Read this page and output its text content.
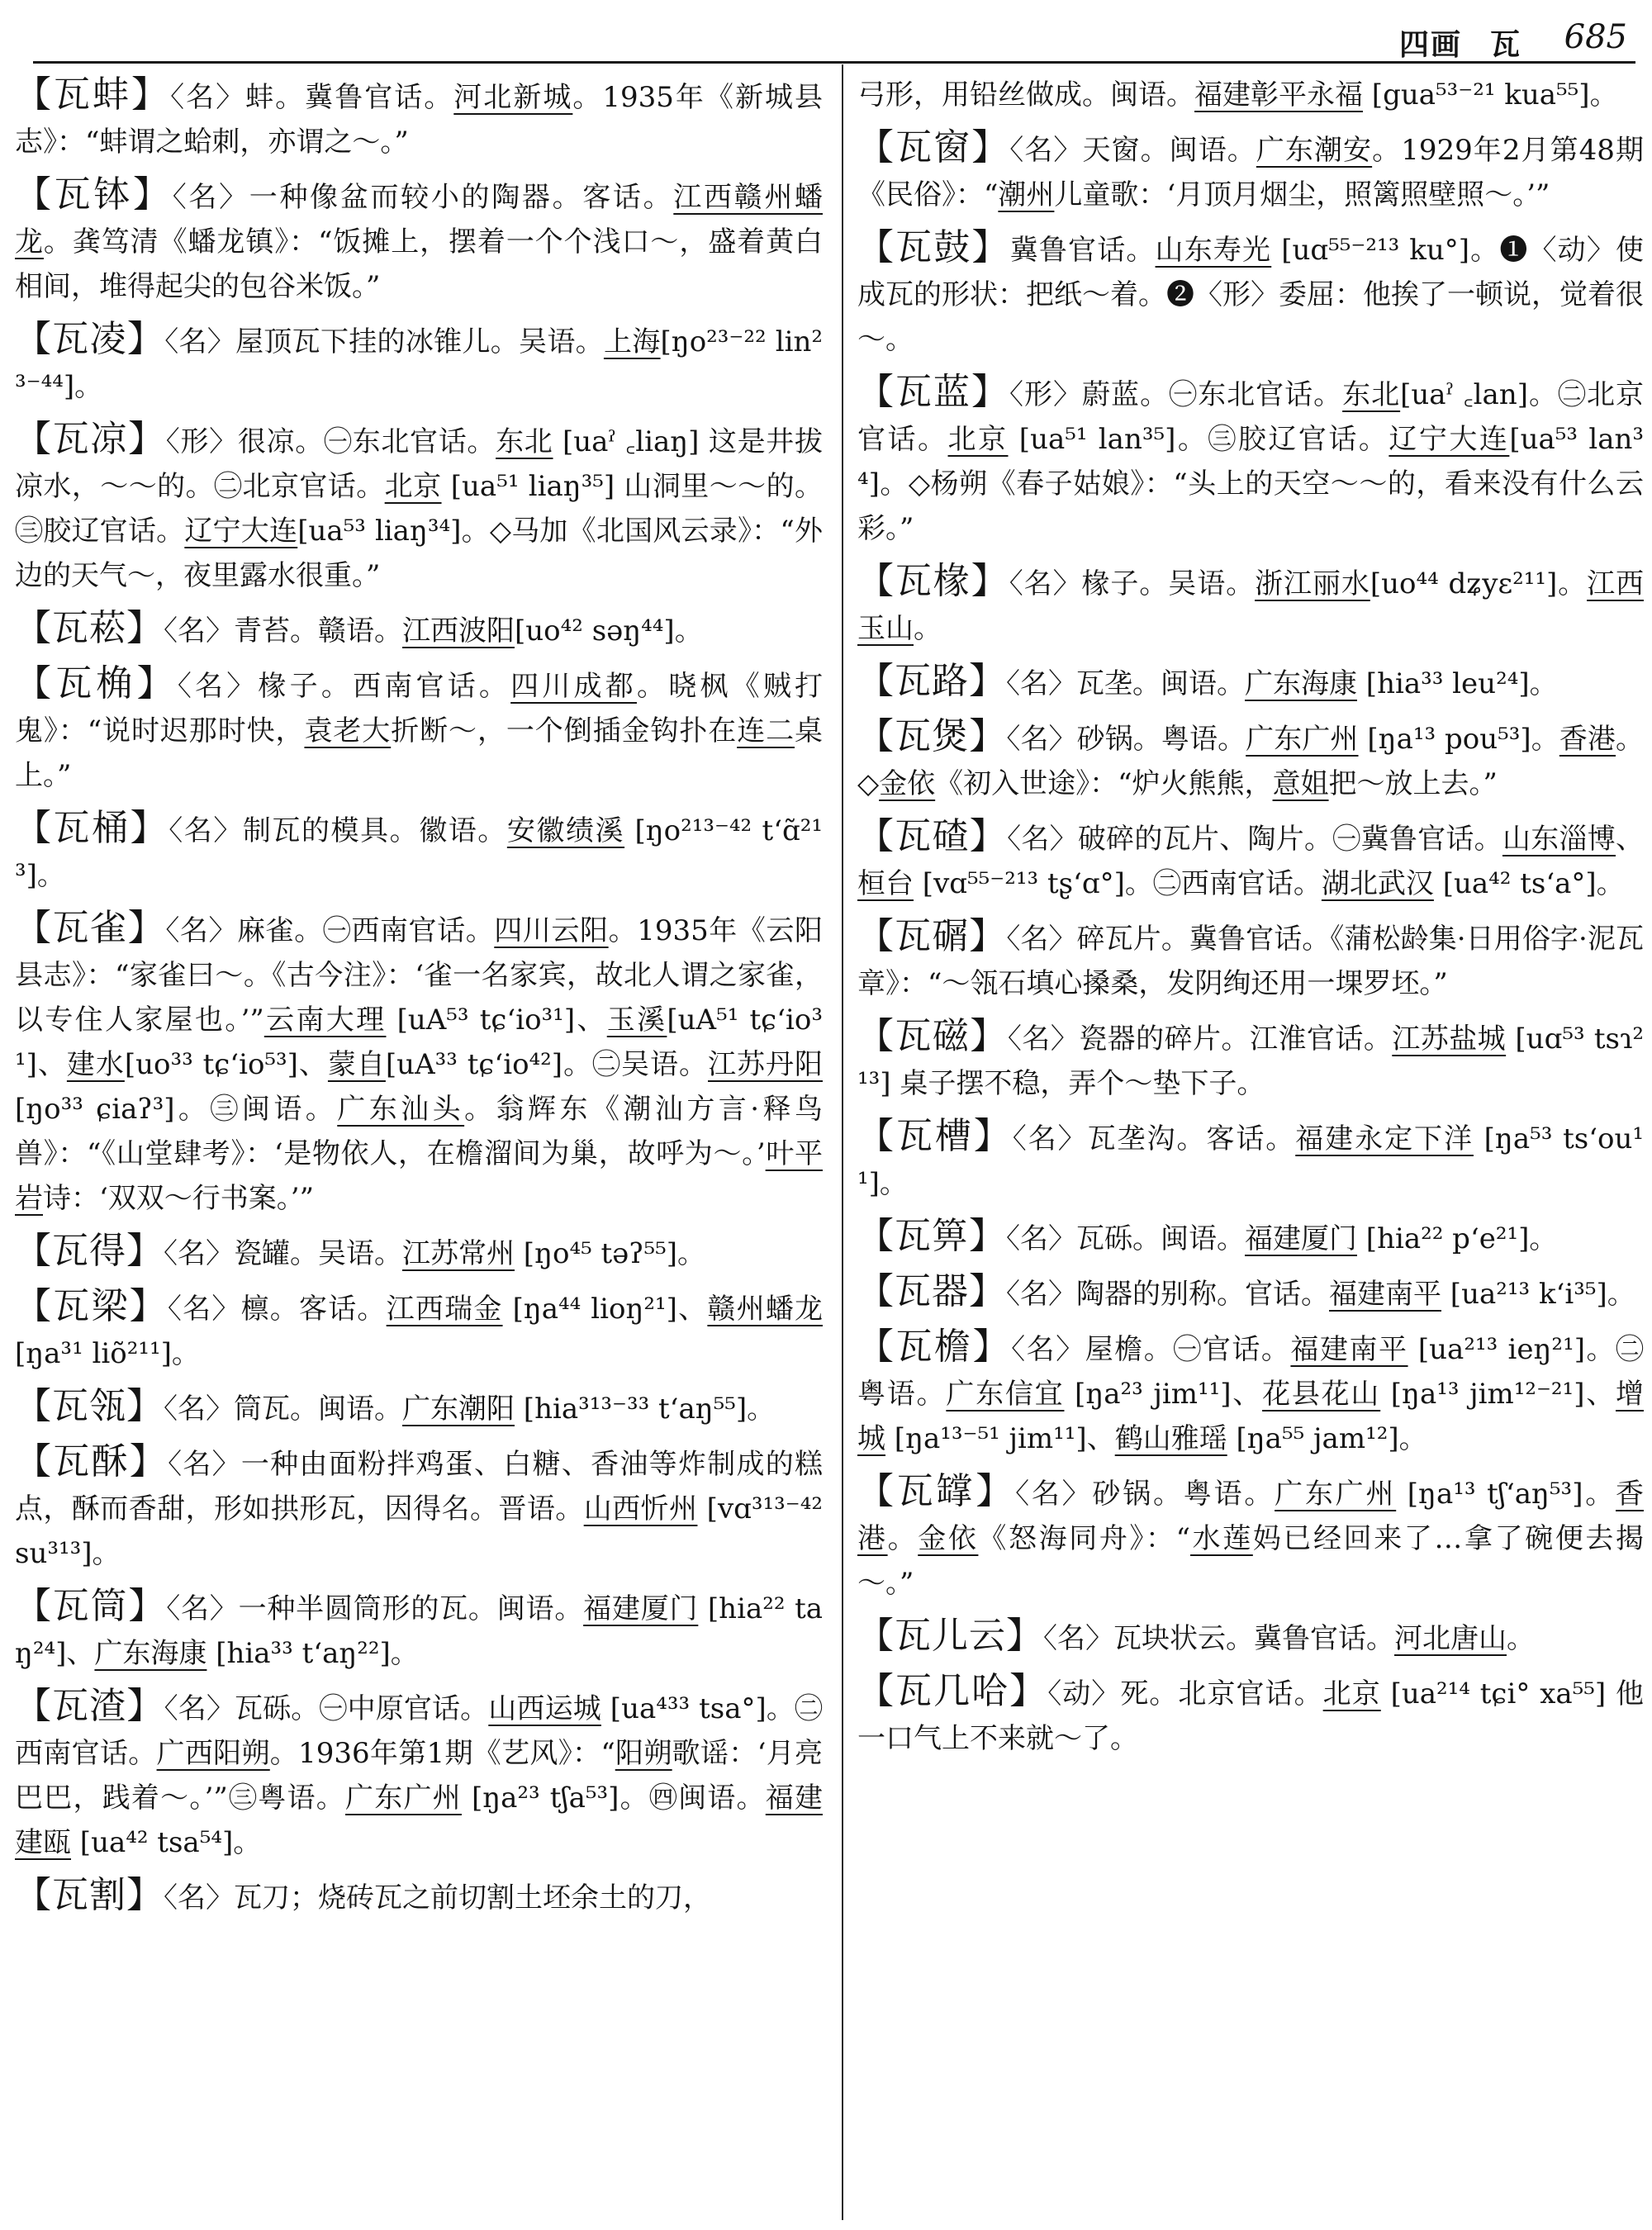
四画 瓦 685

【瓦蚌】〈名〉蚌。冀鲁官话。河北新城。1935年《新城县志》：“蚌谓之蛤刺，亦谓之～。”

【瓦钵】〈名〉一种像盆而较小的陶器。客话。江西赣州蟠龙。龚笃清《蟠龙镇》：“饭摊上，摆着一个个浅口～，盛着黄白相间，堆得起尖的包谷米饭。”

【瓦凌】〈名〉屋顶瓦下挂的冰锥儿。吴语。上海[ŋo²³⁻²² lin²³⁻⁴⁴]。

【瓦凉】〈形〉很凉。㊀东北官话。东北 [uaˀ ꜀liaŋ] 这是井拔凉水，～～的。㊁北京官话。北京 [ua⁵¹ liaŋ³⁵] 山洞里～～的。㊂胶辽官话。辽宁大连[ua⁵³ liaŋ³⁴]。◇马加《北国风云录》：“外边的天气～，夜里露水很重。”

【瓦菘】〈名〉青苔。赣语。江西波阳[uo⁴² səŋ⁴⁴]。

【瓦桷】〈名〉椽子。西南官话。四川成都。晓枫《贼打鬼》：“说时迟那时快，袁老大折断～，一个倒插金钩扑在连二桌上。”

【瓦桶】〈名〉制瓦的模具。徽语。安徽绩溪 [ŋo²¹³⁻⁴² tʻɑ̃²¹³]。

【瓦雀】〈名〉麻雀。㊀西南官话。四川云阳。1935年《云阳县志》：“家雀曰～。《古今注》：‘雀一名家宾，故北人谓之家雀，以专住人家屋也。’”云南大理 [uA⁵³ tɕʻio³¹]、玉溪[uA⁵¹ tɕʻio³¹]、建水[uo³³ tɕʻio⁵³]、蒙自[uA³³ tɕʻio⁴²]。㊁吴语。江苏丹阳 [ŋo³³ ɕiaʔ³]。㊂闽语。广东汕头。翁辉东《潮汕方言·释鸟兽》：“《山堂肆考》：‘是物依人，在檐溜间为巢，故呼为～。’叶平岩诗：‘双双～行书案。’”

【瓦得】〈名〉瓷罐。吴语。江苏常州 [ŋo⁴⁵ təʔ⁵⁵]。

【瓦梁】〈名〉檩。客话。江西瑞金 [ŋa⁴⁴ lioŋ²¹]、赣州蟠龙 [ŋa³¹ liõ²¹¹]。

【瓦瓴】〈名〉筒瓦。闽语。广东潮阳 [hia³¹³⁻³³ tʻaŋ⁵⁵]。

【瓦酥】〈名〉一种由面粉拌鸡蛋、白糖、香油等炸制成的糕点，酥而香甜，形如拱形瓦，因得名。晋语。山西忻州 [vɑ³¹³⁻⁴² su³¹³]。

【瓦筒】〈名〉一种半圆筒形的瓦。闽语。福建厦门 [hia²² taŋ²⁴]、广东海康 [hia³³ tʻaŋ²²]。

【瓦渣】〈名〉瓦砾。㊀中原官话。山西运城 [ua⁴³³ tsa°]。㊁西南官话。广西阳朔。1936年第1期《艺风》：“阳朔歌谣：‘月亮巴巴，践着～。’”㊂粤语。广东广州 [ŋa²³ tʃa⁵³]。㊃闽语。福建建瓯 [ua⁴² tsa⁵⁴]。

【瓦割】〈名〉瓦刀；烧砖瓦之前切割土坯余土的刀，

弓形，用铅丝做成。闽语。福建彰平永福 [gua⁵³⁻²¹ kua⁵⁵]。

【瓦窗】〈名〉天窗。闽语。广东潮安。1929年2月第48期《民俗》：“潮州儿童歌：‘月顶月烟尘，照篱照壁照～。’”

【瓦鼓】冀鲁官话。山东寿光 [uɑ⁵⁵⁻²¹³ ku°]。❶〈动〉使成瓦的形状：把纸～着。❷〈形〉委屈：他挨了一顿说，觉着很～。

【瓦蓝】〈形〉蔚蓝。㊀东北官话。东北[uaˀ ꜀lan]。㊁北京官话。北京 [ua⁵¹ lan³⁵]。㊂胶辽官话。辽宁大连[ua⁵³ lan³⁴]。◇杨朔《春子姑娘》：“头上的天空～～的，看来没有什么云彩。”

【瓦椽】〈名〉椽子。吴语。浙江丽水[uo⁴⁴ dʑyɛ²¹¹]。江西玉山。

【瓦路】〈名〉瓦垄。闽语。广东海康 [hia³³ leu²⁴]。

【瓦煲】〈名〉砂锅。粤语。广东广州 [ŋa¹³ pou⁵³]。香港。◇金依《初入世途》：“炉火熊熊，意姐把～放上去。”

【瓦碴】〈名〉破碎的瓦片、陶片。㊀冀鲁官话。山东淄博、桓台 [vɑ⁵⁵⁻²¹³ tʂʻɑ°]。㊁西南官话。湖北武汉 [ua⁴² tsʻa°]。

【瓦碿】〈名〉碎瓦片。冀鲁官话。《蒲松龄集·日用俗字·泥瓦章》：“～瓴石填心搡桑，发阴绚还用一堁罗坯。”

【瓦磁】〈名〉瓷器的碎片。江淮官话。江苏盐城 [uɑ⁵³ tsɿ²¹³] 桌子摆不稳，弄个～垫下子。

【瓦槽】〈名〉瓦垄沟。客话。福建永定下洋 [ŋa⁵³ tsʻou¹¹]。

【瓦箅】〈名〉瓦砾。闽语。福建厦门 [hia²² pʻe²¹]。

【瓦器】〈名〉陶器的别称。官话。福建南平 [ua²¹³ kʻi³⁵]。

【瓦檐】〈名〉屋檐。㊀官话。福建南平 [ua²¹³ ieŋ²¹]。㊁粤语。广东信宜 [ŋa²³ jim¹¹]、花县花山 [ŋa¹³ jim¹²⁻²¹]、增城 [ŋa¹³⁻⁵¹ jim¹¹]、鹤山雅瑶 [ŋa⁵⁵ jam¹²]。

【瓦罉】〈名〉砂锅。粤语。广东广州 [ŋa¹³ tʃʻaŋ⁵³]。香港。金依《怒海同舟》：“水莲妈已经回来了…拿了碗便去揭～。”

【瓦儿云】〈名〉瓦块状云。冀鲁官话。河北唐山。

【瓦几哈】〈动〉死。北京官话。北京 [ua²¹⁴ tɕi° xa⁵⁵] 他一口气上不来就～了。
